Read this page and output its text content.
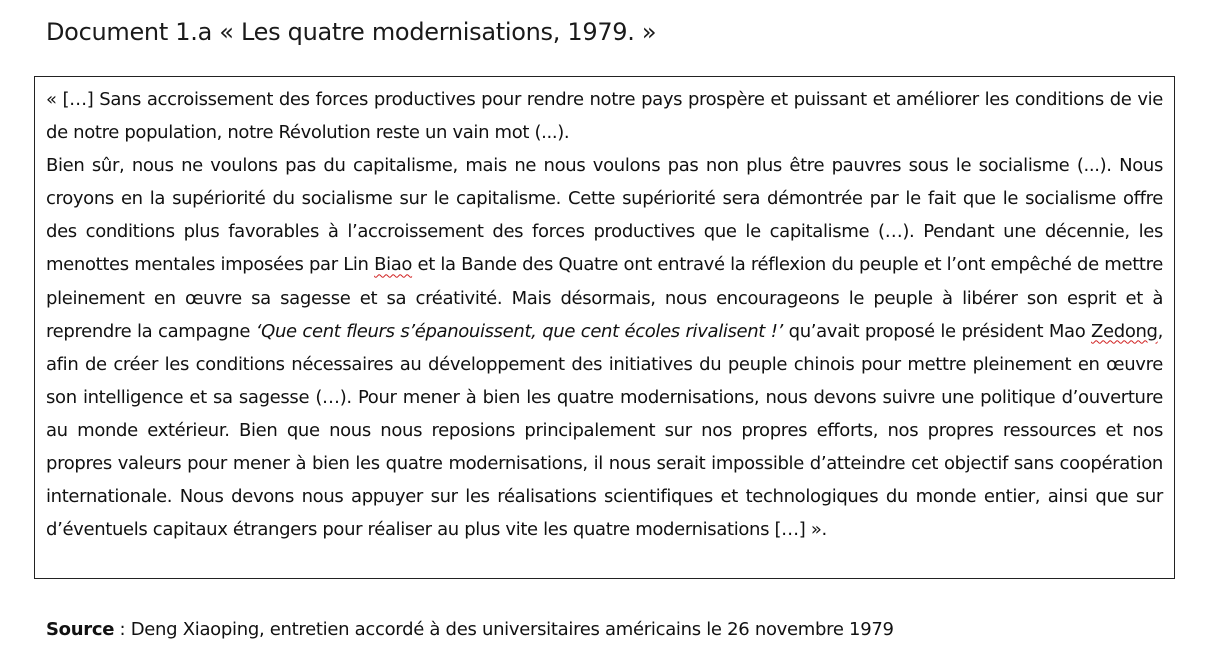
Document 1.a « Les quatre modernisations, 1979. »

« […] Sans accroissement des forces productives pour rendre notre pays prospère et puissant et améliorer les conditions de vie de notre population, notre Révolution reste un vain mot (...).

Bien sûr, nous ne voulons pas du capitalisme, mais ne nous voulons pas non plus être pauvres sous le socialisme (...). Nous croyons en la supériorité du socialisme sur le capitalisme. Cette supériorité sera démontrée par le fait que le socialisme offre des conditions plus favorables à l’accroissement des forces productives que le capitalisme (…). Pendant une décennie, les menottes mentales imposées par Lin Biao et la Bande des Quatre ont entravé la réflexion du peuple et l’ont empêché de mettre pleinement en œuvre sa sagesse et sa créativité. Mais désormais, nous encourageons le peuple à libérer son esprit et à reprendre la campagne ‘Que cent fleurs s’épanouissent, que cent écoles rivalisent !’ qu’avait proposé le président Mao Zedong, afin de créer les conditions nécessaires au développement des initiatives du peuple chinois pour mettre pleinement en œuvre son intelligence et sa sagesse (…). Pour mener à bien les quatre modernisations, nous devons suivre une politique d’ouverture au monde extérieur. Bien que nous nous reposions principalement sur nos propres efforts, nos propres ressources et nos propres valeurs pour mener à bien les quatre modernisations, il nous serait impossible d’atteindre cet objectif sans coopération internationale. Nous devons nous appuyer sur les réalisations scientifiques et technologiques du monde entier, ainsi que sur d’éventuels capitaux étrangers pour réaliser au plus vite les quatre modernisations […] ».

Source : Deng Xiaoping, entretien accordé à des universitaires américains le 26 novembre 1979
